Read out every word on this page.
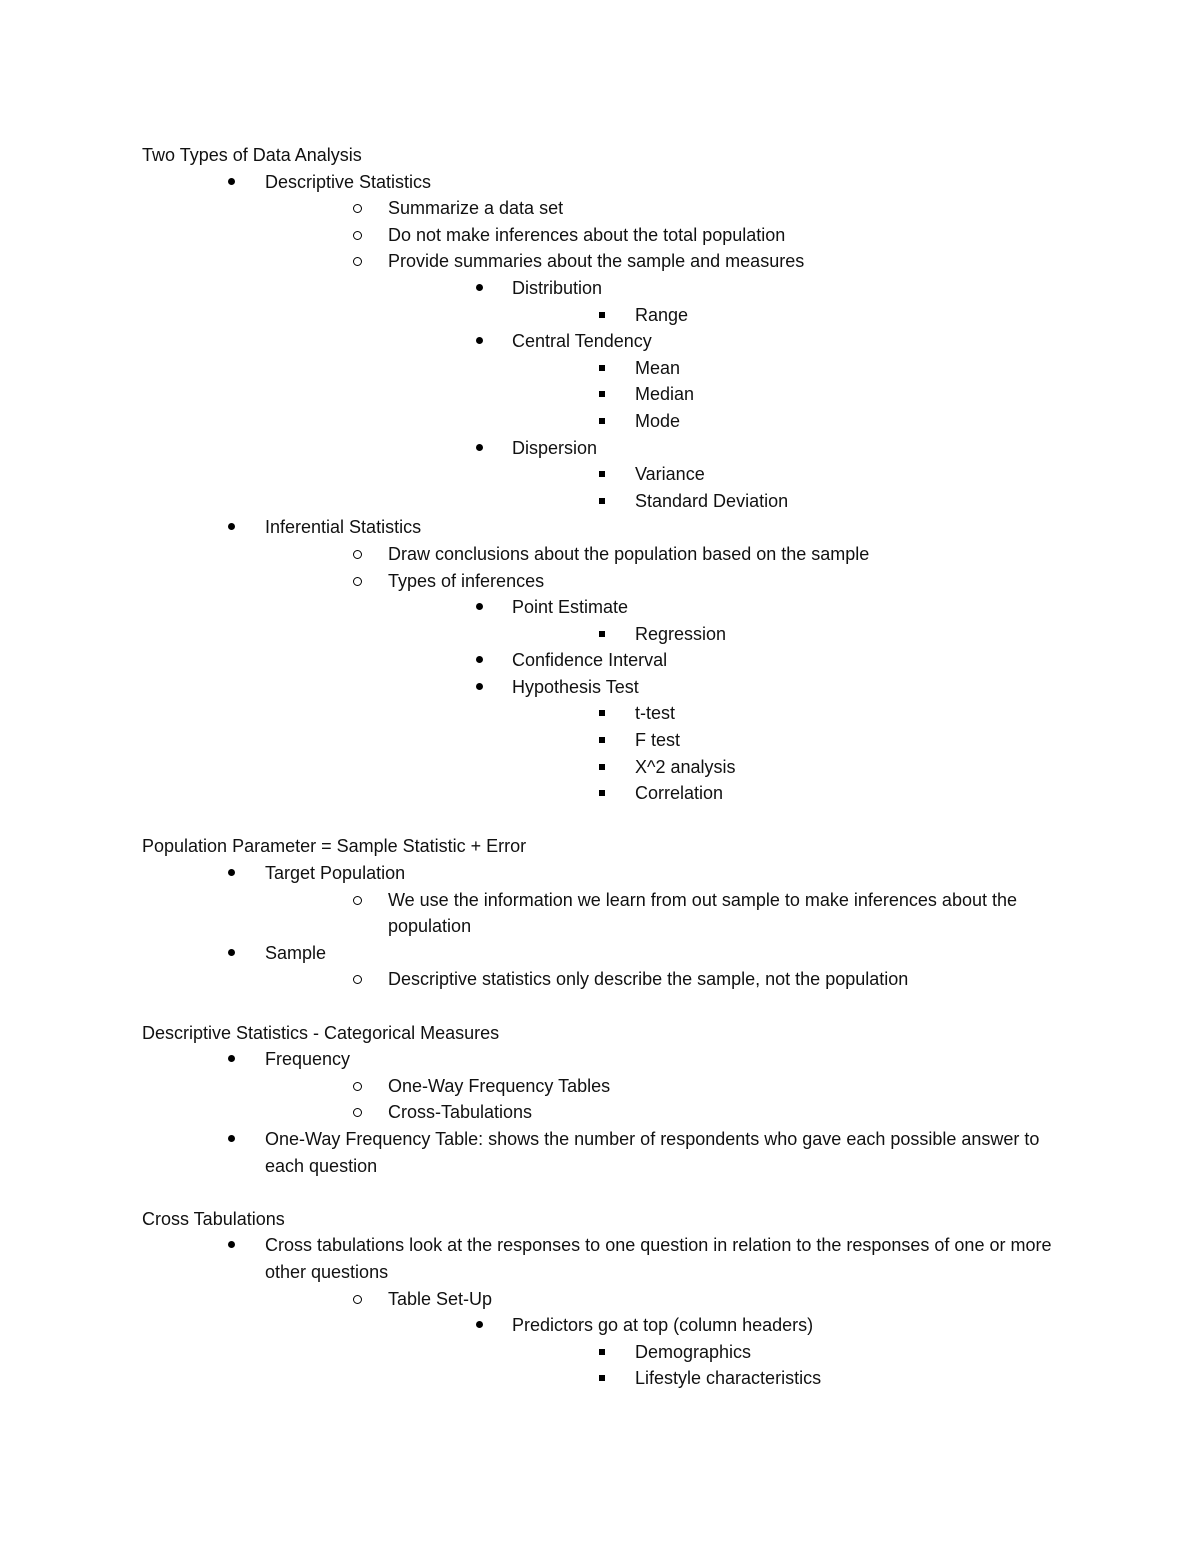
Two Types of Data Analysis
Descriptive Statistics
Summarize a data set
Do not make inferences about the total population
Provide summaries about the sample and measures
Distribution
Range
Central Tendency
Mean
Median
Mode
Dispersion
Variance
Standard Deviation
Inferential Statistics
Draw conclusions about the population based on the sample
Types of inferences
Point Estimate
Regression
Confidence Interval
Hypothesis Test
t-test
F test
X^2 analysis
Correlation
Population Parameter = Sample Statistic + Error
Target Population
We use the information we learn from out sample to make inferences about the population
Sample
Descriptive statistics only describe the sample, not the population
Descriptive Statistics - Categorical Measures
Frequency
One-Way Frequency Tables
Cross-Tabulations
One-Way Frequency Table: shows the number of respondents who gave each possible answer to each question
Cross Tabulations
Cross tabulations look at the responses to one question in relation to the responses of one or more other questions
Table Set-Up
Predictors go at top (column headers)
Demographics
Lifestyle characteristics
